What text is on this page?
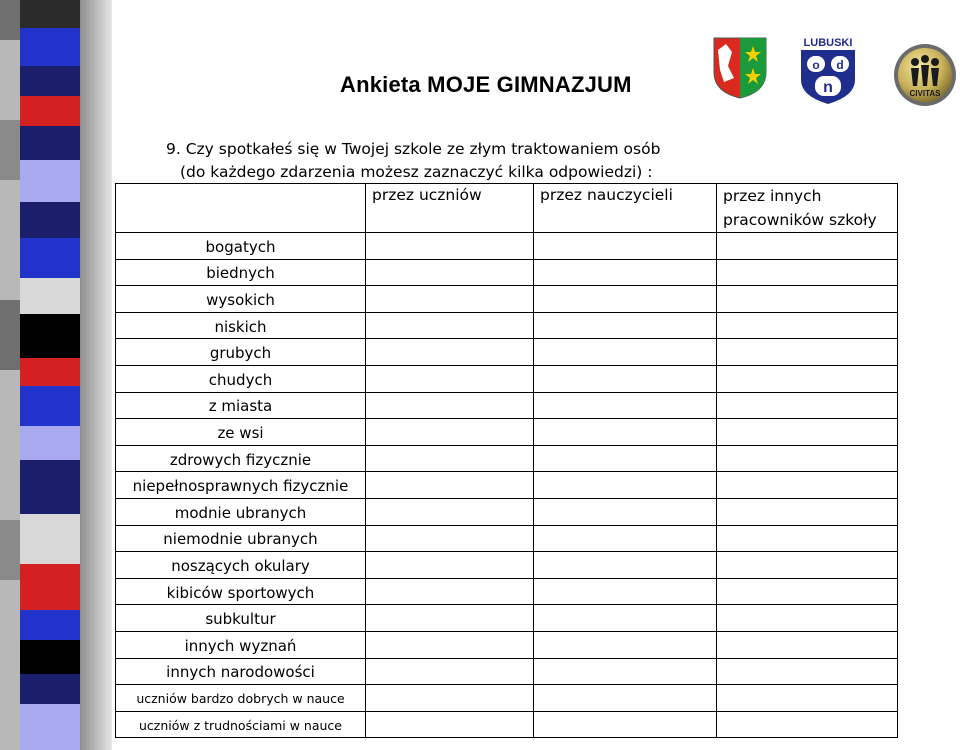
Ankieta MOJE GIMNAZJUM
9. Czy spotkałeś się w Twojej szkole ze złym traktowaniem osób
(do każdego zdarzenia możesz zaznaczyć kilka odpowiedzi) :
LUBUSKI
o d
n	CIVITAS

	przez uczniów	przez nauczycieli	przez innych pracowników szkoły

bogatych			
biednych			
wysokich			
niskich			
grubych			
chudych			
z miasta			
ze wsi			
zdrowych fizycznie			
niepełnosprawnych fizycznie			
modnie ubranych			
niemodnie ubranych			
noszących okulary			
kibiców sportowych			
subkultur			
innych wyznań			
innych narodowości			
uczniów bardzo dobrych w nauce			
uczniów z trudnościami w nauce			
